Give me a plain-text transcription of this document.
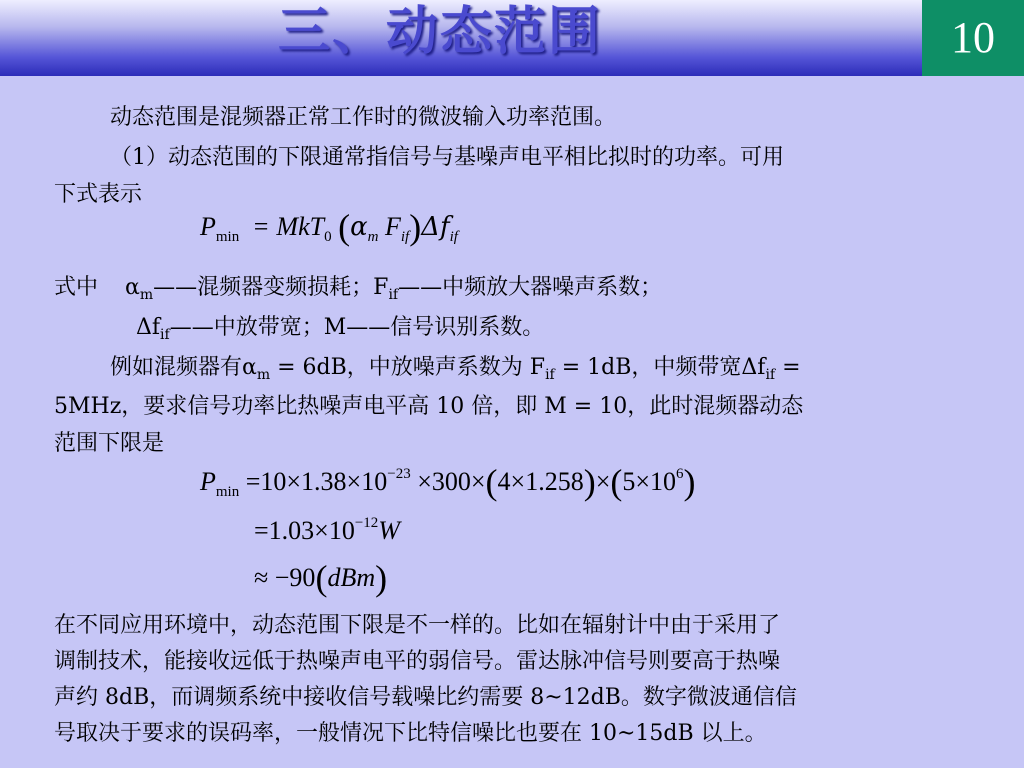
三、动态范围	10
动态范围是混频器正常工作时的微波输入功率范围。
（1）动态范围的下限通常指信号与基噪声电平相比拟时的功率。可用
下式表示
$P_{min} = MkT_0$ ($\alpha_m$ $F_{if})\Delta f_{if}$
式中 $\alpha_m——$混频器变频损耗；$F_{if}——$中频放大器噪声系数；
$\Delta f_{if}——$中放带宽；M——信号识别系数。
例如混频器有$\alpha_m = 6dB$，中放噪声系数为 $F_{if} = 1dB$，中频带宽$\Delta f_{if}$ =
5MHz，要求信号功率比热噪声电平高 10 倍，即 M = 10，此时混频器动态
范围下限是
$P_{min} =10\times 1.38\times 10^{-23} \times 300\times(4\times 1.258)\times(5\times 10^6)$
$=1.03\times 10^{-12}W$
≈ −90(dBm)
在不同应用环境中，动态范围下限是不一样的。比如在辐射计中由于采用了
调制技术，能接收远低于热噪声电平的弱信号。雷达脉冲信号则要高于热噪
声约 8dB，而调频系统中接收信号载噪比约需要 8~12dB。数字微波通信信
号取决于要求的误码率，一般情况下比特信噪比也要在 10~15dB 以上。
